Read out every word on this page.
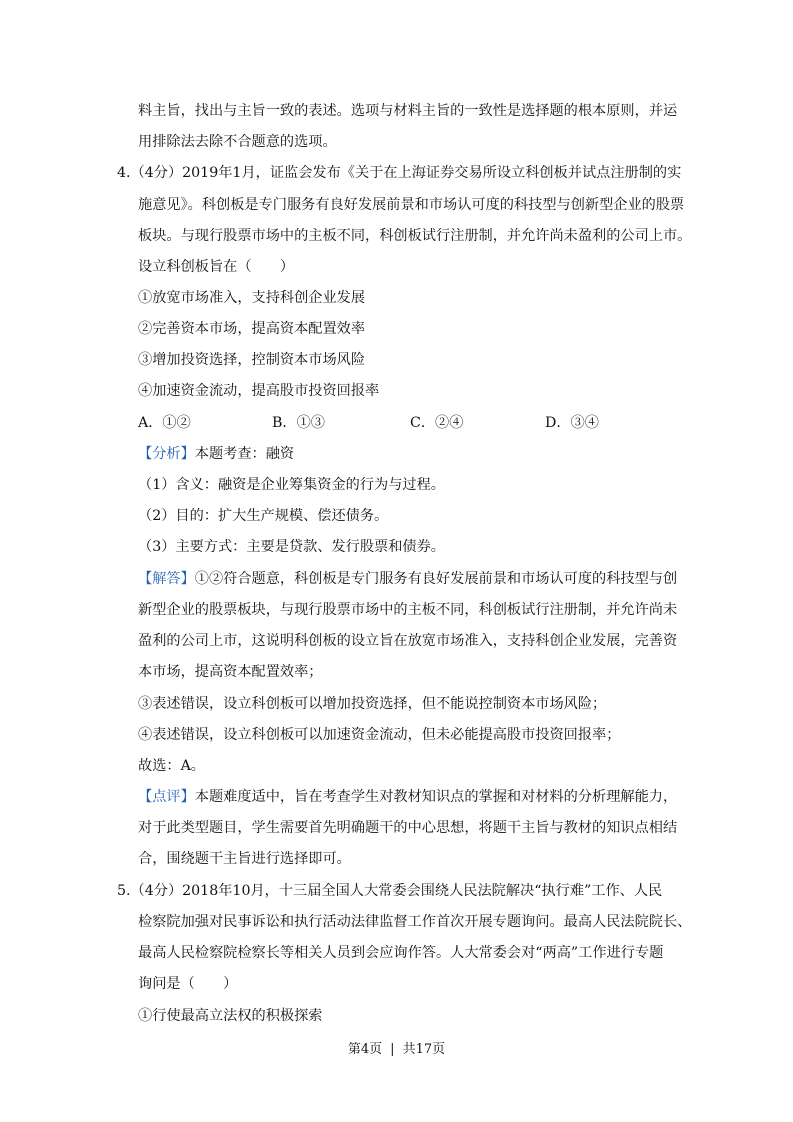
料主旨，找出与主旨一致的表述。选项与材料主旨的一致性是选择题的根本原则，并运
用排除法去除不合题意的选项。
4.（4分）2019年1月，证监会发布《关于在上海证券交易所设立科创板并试点注册制的实
施意见》。科创板是专门服务有良好发展前景和市场认可度的科技型与创新型企业的股票
板块。与现行股票市场中的主板不同，科创板试行注册制，并允许尚未盈利的公司上市。
设立科创板旨在（　　）
①放宽市场准入，支持科创企业发展
②完善资本市场，提高资本配置效率
③增加投资选择，控制资本市场风险
④加速资金流动，提高股市投资回报率
A．①②	B．①③	C．②④	D．③④
【分析】本题考查：融资
（1）含义：融资是企业筹集资金的行为与过程。
（2）目的：扩大生产规模、偿还债务。
（3）主要方式：主要是贷款、发行股票和债券。
【解答】①②符合题意，科创板是专门服务有良好发展前景和市场认可度的科技型与创
新型企业的股票板块，与现行股票市场中的主板不同，科创板试行注册制，并允许尚未
盈利的公司上市，这说明科创板的设立旨在放宽市场准入，支持科创企业发展，完善资
本市场，提高资本配置效率；
③表述错误，设立科创板可以增加投资选择，但不能说控制资本市场风险；
④表述错误，设立科创板可以加速资金流动，但未必能提高股市投资回报率；
故选：A。
【点评】本题难度适中，旨在考查学生对教材知识点的掌握和对材料的分析理解能力，
对于此类型题目，学生需要首先明确题干的中心思想，将题干主旨与教材的知识点相结
合，围绕题干主旨进行选择即可。
5.（4分）2018年10月，十三届全国人大常委会围绕人民法院解决“执行难”工作、人民
检察院加强对民事诉讼和执行活动法律监督工作首次开展专题询问。最高人民法院院长、
最高人民检察院检察长等相关人员到会应询作答。人大常委会对“两高”工作进行专题
询问是（　　）
①行使最高立法权的积极探索
第4页 | 共17页
